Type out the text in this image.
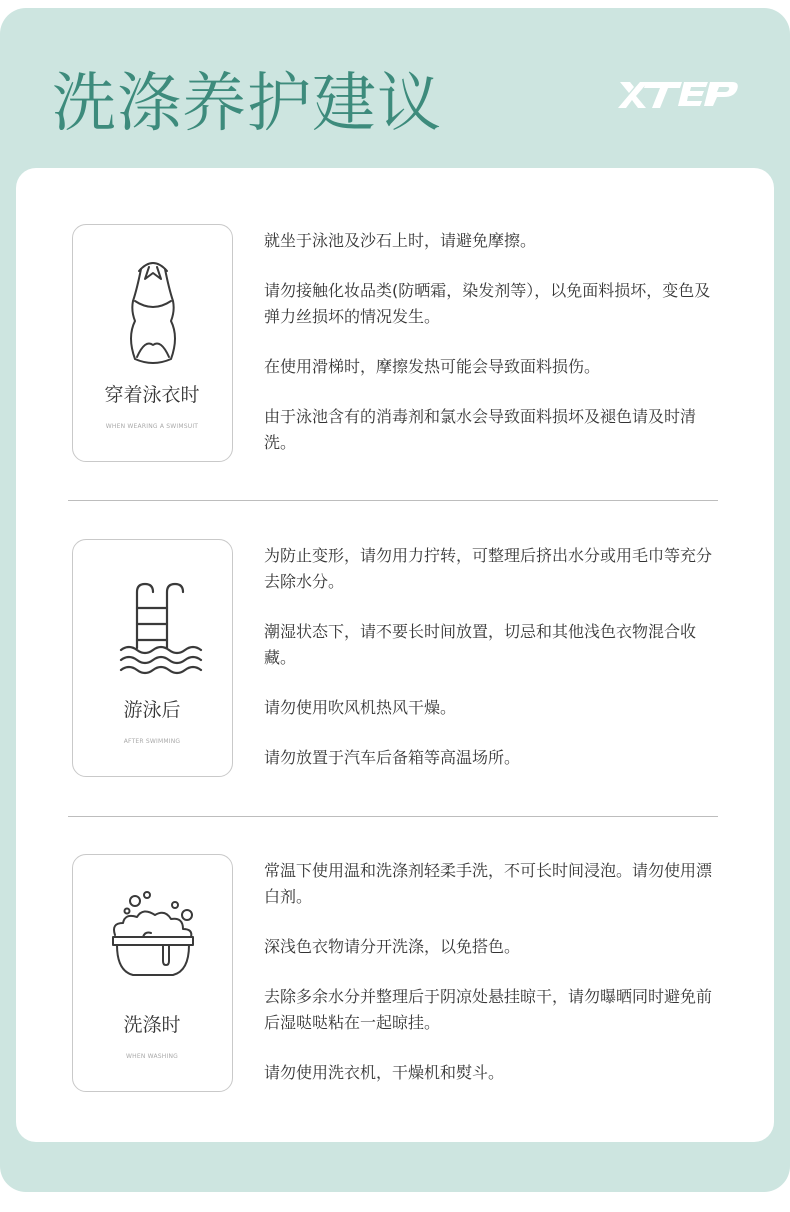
洗涤养护建议
穿着泳衣时
WHEN WEARING A SWIMSUIT

就坐于泳池及沙石上时，请避免摩擦。

请勿接触化妆品类(防晒霜，染发剂等），以免面料损坏，变色及弹力丝损坏的情况发生。

在使用滑梯时，摩擦发热可能会导致面料损伤。

由于泳池含有的消毒剂和氯水会导致面料损坏及褪色请及时清洗。

游泳后
AFTER SWIMMING

为防止变形，请勿用力拧转，可整理后挤出水分或用毛巾等充分去除水分。

潮湿状态下，请不要长时间放置，切忌和其他浅色衣物混合收藏。

请勿使用吹风机热风干燥。

请勿放置于汽车后备箱等高温场所。

洗涤时
WHEN WASHING

常温下使用温和洗涤剂轻柔手洗，不可长时间浸泡。请勿使用漂白剂。

深浅色衣物请分开洗涤，以免搭色。

去除多余水分并整理后于阴凉处悬挂晾干，请勿曝晒同时避免前后湿哒哒粘在一起晾挂。

请勿使用洗衣机，干燥机和熨斗。
